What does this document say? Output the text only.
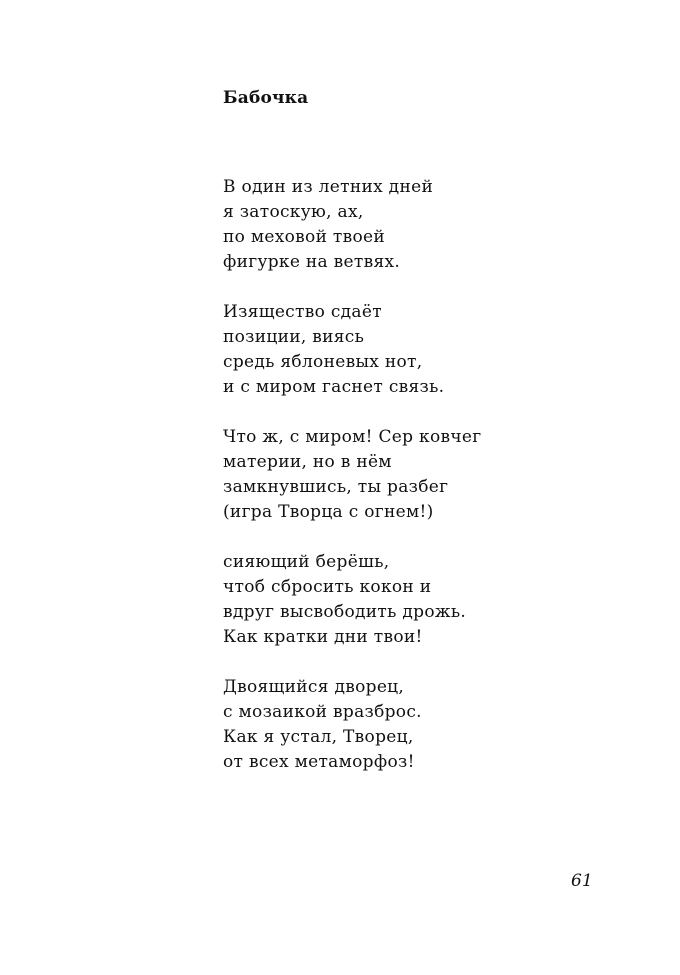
Бабочка
В один из летних дней
я затоскую, ах,
по меховой твоей
фигурке на ветвях.
Изящество сдаёт
позиции, виясь
средь яблоневых нот,
и с миром гаснет связь.
Что ж, с миром! Сер ковчег
материи, но в нём
замкнувшись, ты разбег
(игра Творца с огнем!)
сияющий берёшь,
чтоб сбросить кокон и
вдруг высвободить дрожь.
Как кратки дни твои!
Двоящийся дворец,
с мозаикой вразброс.
Как я устал, Творец,
от всех метаморфоз!
61
